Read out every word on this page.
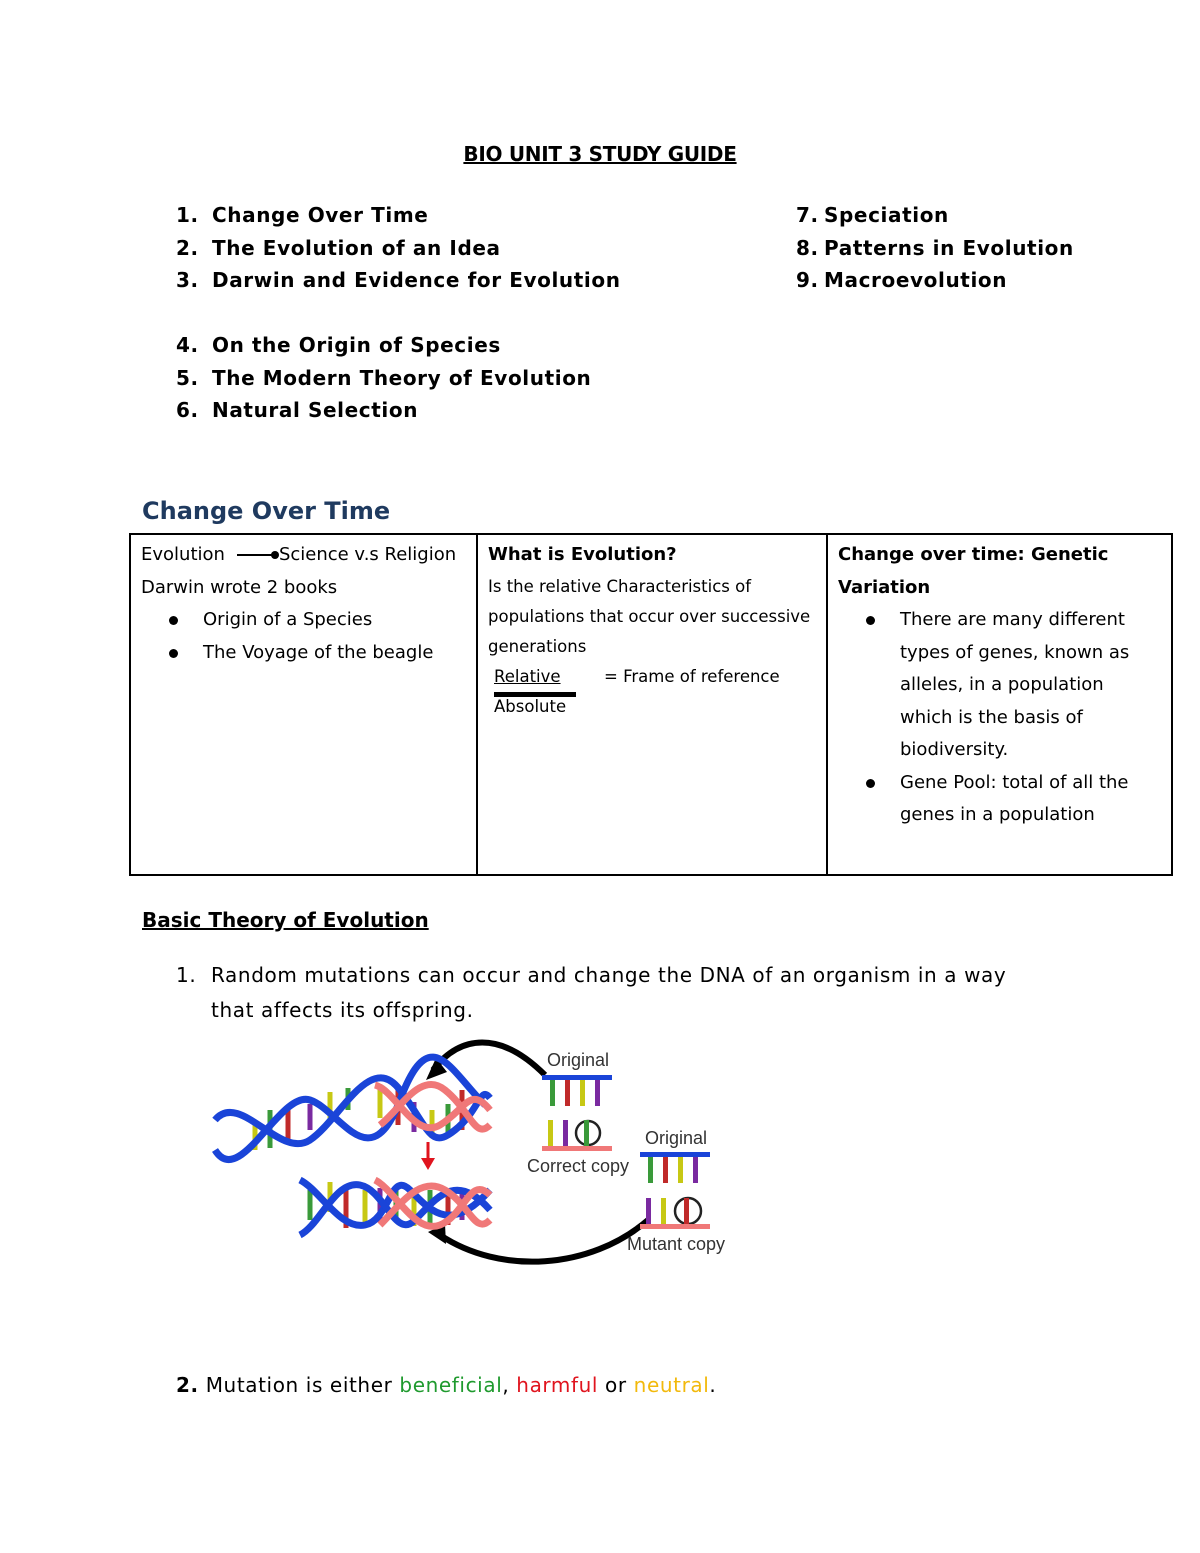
BIO UNIT 3 STUDY GUIDE
1. Change Over Time
2. The Evolution of an Idea
3. Darwin and Evidence for Evolution
4. On the Origin of Species
5. The Modern Theory of Evolution
6. Natural Selection
7. Speciation
8. Patterns in Evolution
9. Macroevolution
Change Over Time

Evolution	Science v.s Religion

Darwin wrote 2 books

Origin of a Species
The Voyage of the beagle

What is Evolution?

Is the relative Characteristics of populations that occur over successive generations

Relative	= Frame of reference
Absolute

Change over time: Genetic Variation

There are many different types of genes, known as alleles, in a population which is the basis of biodiversity.
Gene Pool: total of all the genes in a population
Basic Theory of Evolution
1. Random mutations can occur and change the DNA of an organism in a way that affects its offspring.
Original
Correct copy
Original
Mutant copy
2. Mutation is either beneficial, harmful or neutral.
